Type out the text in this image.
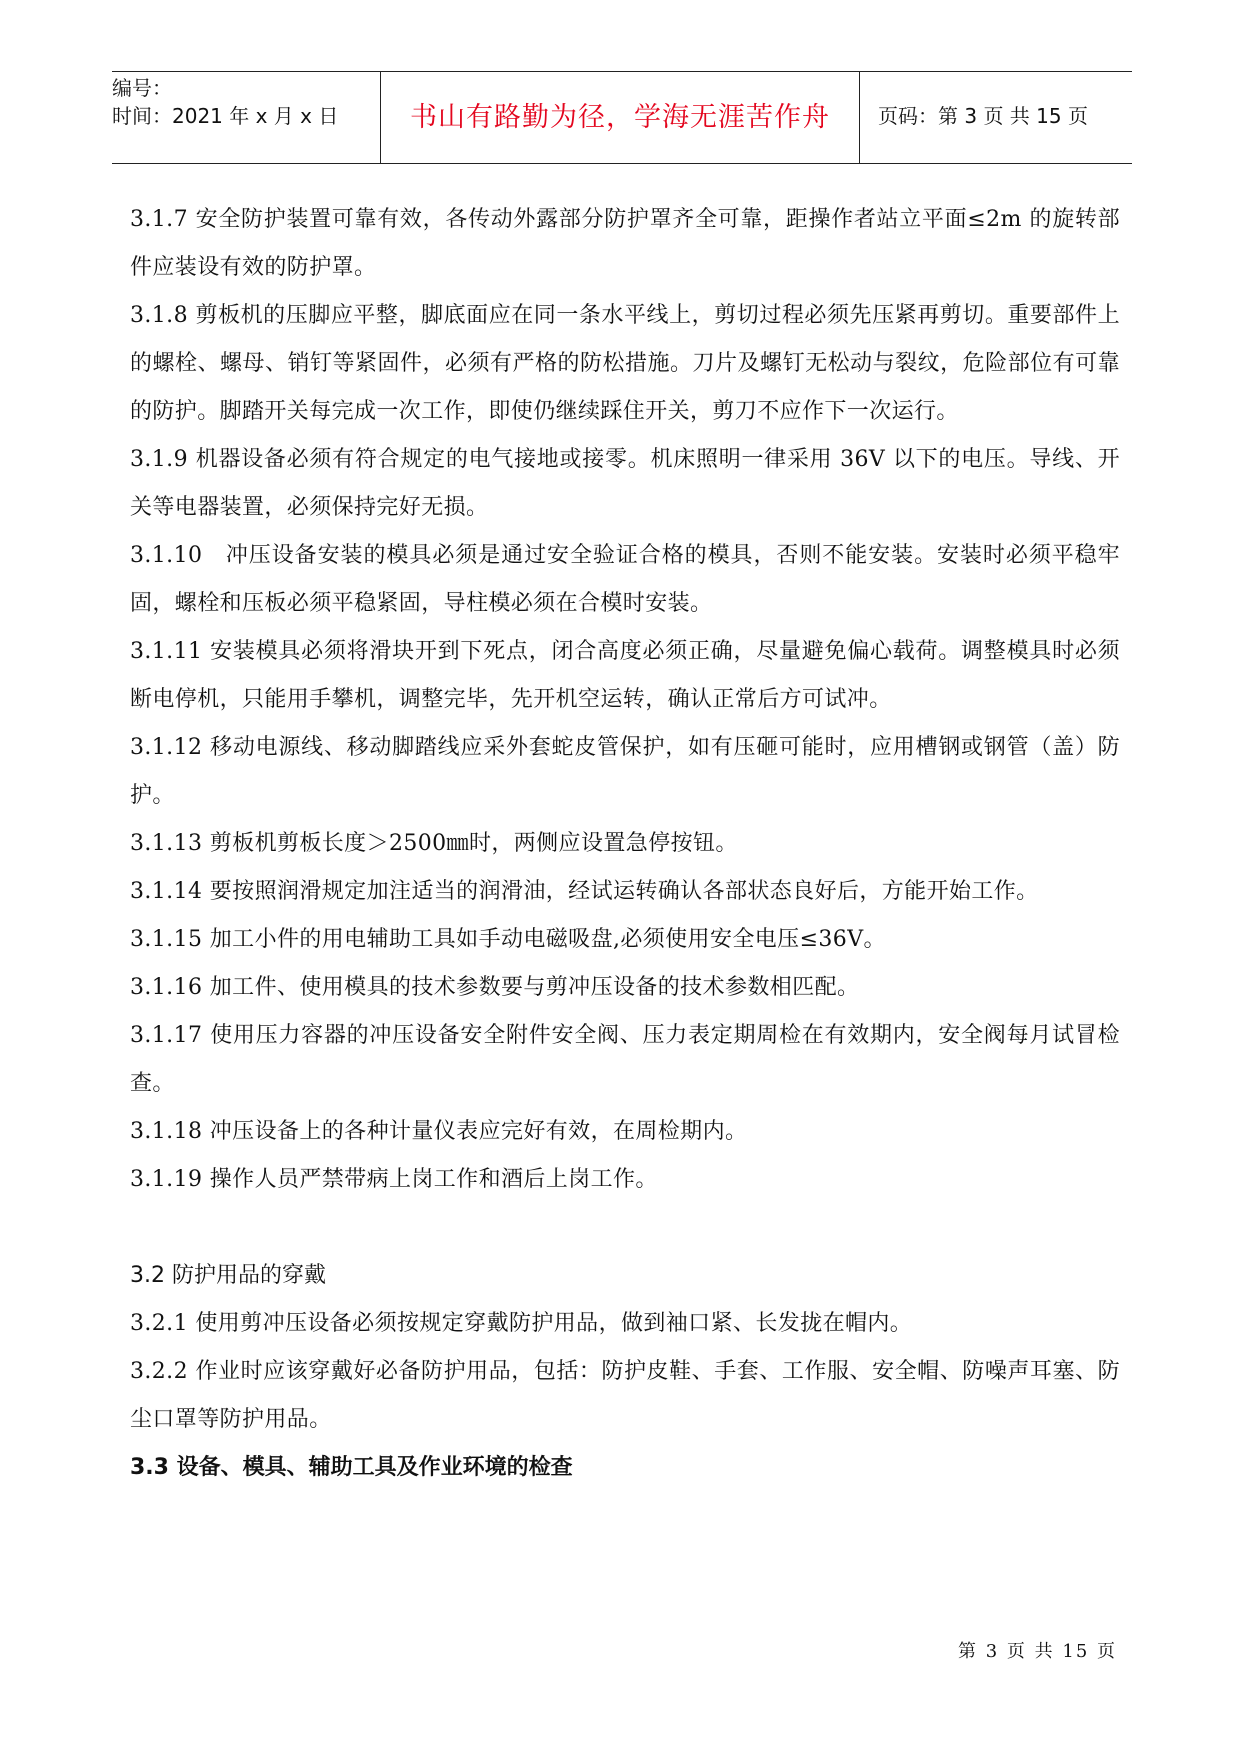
编号：
时间：2021 年 x 月 x 日	书山有路勤为径，学海无涯苦作舟	页码：第 3 页 共 15 页

3.1.7 安全防护装置可靠有效，各传动外露部分防护罩齐全可靠，距操作者站立平面≤2m 的旋转部件应装设有效的防护罩。

3.1.8 剪板机的压脚应平整，脚底面应在同一条水平线上，剪切过程必须先压紧再剪切。重要部件上的螺栓、螺母、销钉等紧固件，必须有严格的防松措施。刀片及螺钉无松动与裂纹，危险部位有可靠的防护。脚踏开关每完成一次工作，即使仍继续踩住开关，剪刀不应作下一次运行。

3.1.9 机器设备必须有符合规定的电气接地或接零。机床照明一律采用 36V 以下的电压。导线、开关等电器装置，必须保持完好无损。

3.1.10　冲压设备安装的模具必须是通过安全验证合格的模具，否则不能安装。安装时必须平稳牢固，螺栓和压板必须平稳紧固，导柱模必须在合模时安装。

3.1.11 安装模具必须将滑块开到下死点，闭合高度必须正确，尽量避免偏心载荷。调整模具时必须断电停机，只能用手攀机，调整完毕，先开机空运转，确认正常后方可试冲。

3.1.12 移动电源线、移动脚踏线应采外套蛇皮管保护，如有压砸可能时，应用槽钢或钢管（盖）防护。

3.1.13 剪板机剪板长度＞2500㎜时，两侧应设置急停按钮。

3.1.14 要按照润滑规定加注适当的润滑油，经试运转确认各部状态良好后，方能开始工作。

3.1.15 加工小件的用电辅助工具如手动电磁吸盘,必须使用安全电压≤36V。

3.1.16 加工件、使用模具的技术参数要与剪冲压设备的技术参数相匹配。

3.1.17 使用压力容器的冲压设备安全附件安全阀、压力表定期周检在有效期内，安全阀每月试冒检查。

3.1.18 冲压设备上的各种计量仪表应完好有效，在周检期内。

3.1.19 操作人员严禁带病上岗工作和酒后上岗工作。

3.2 防护用品的穿戴

3.2.1 使用剪冲压设备必须按规定穿戴防护用品，做到袖口紧、长发拢在帽内。

3.2.2 作业时应该穿戴好必备防护用品，包括：防护皮鞋、手套、工作服、安全帽、防噪声耳塞、防尘口罩等防护用品。

3.3 设备、模具、辅助工具及作业环境的检查

第 3 页 共 15 页
